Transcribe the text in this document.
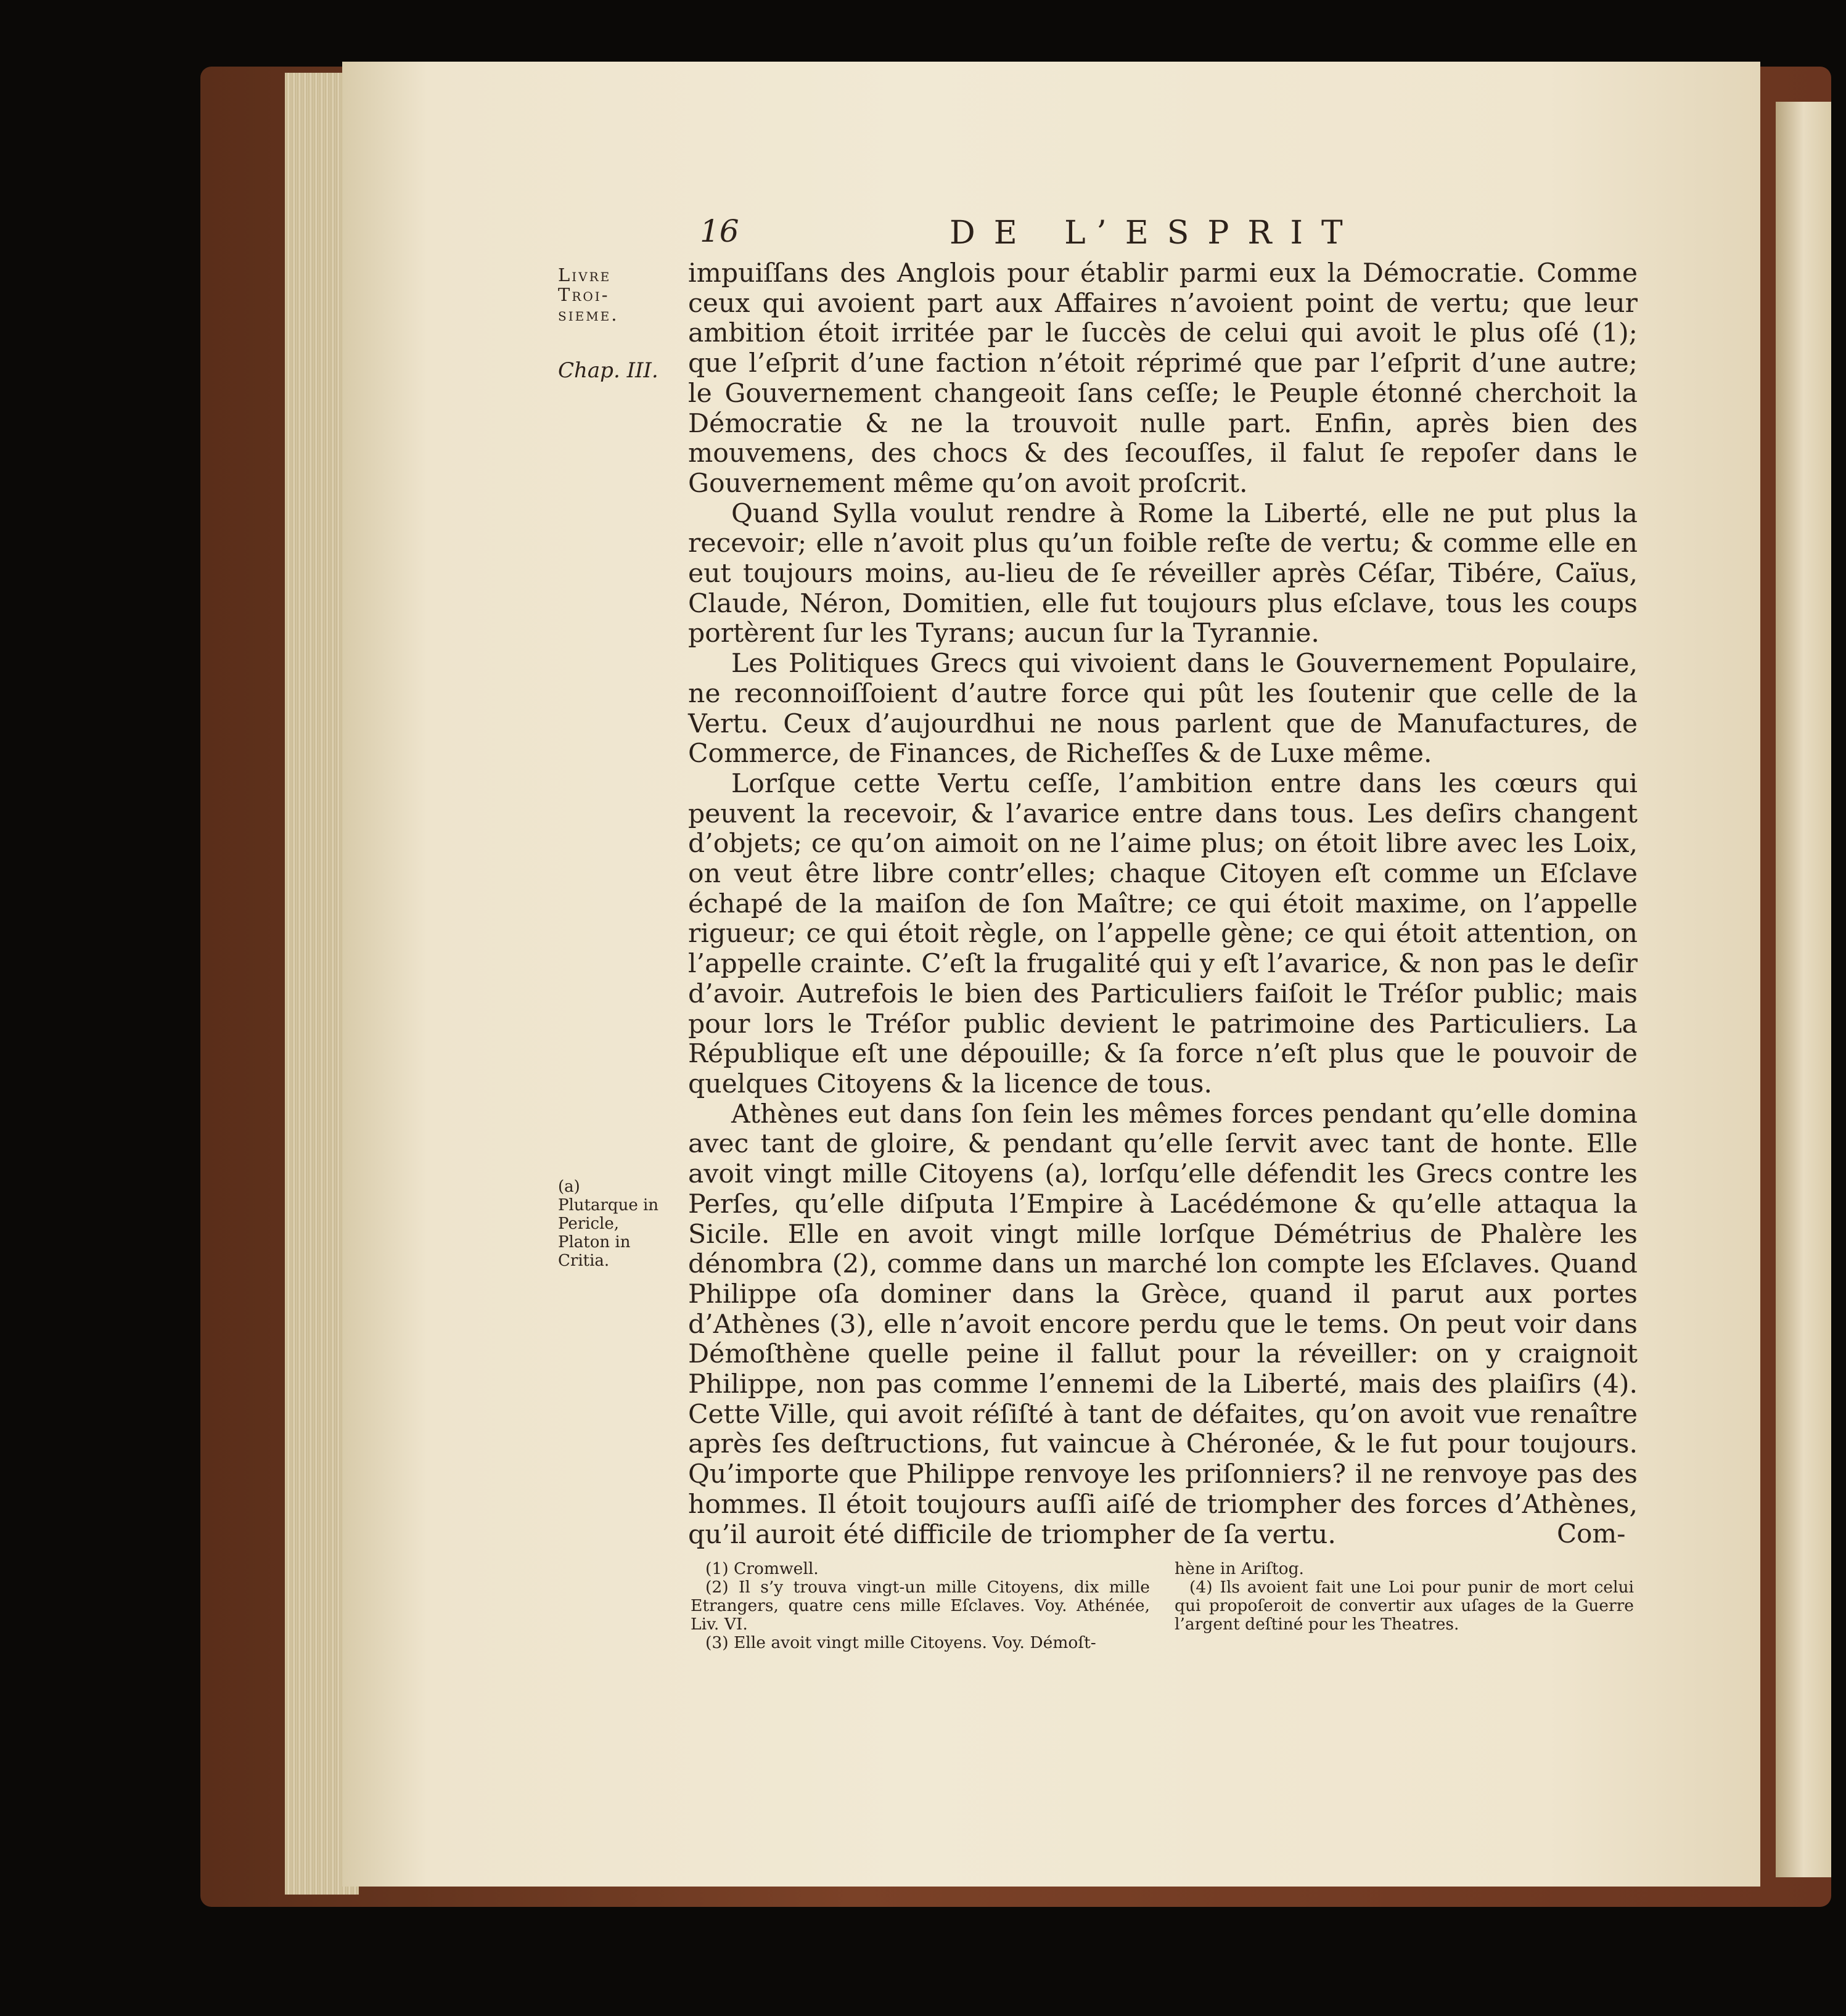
16	DE L’ESPRIT
Livre Troi- sieme.
Chap. III.
(a) Plutarque in Pericle, Platon in Critia.

impuiſſans des Anglois pour établir parmi eux la Démocratie. Comme ceux qui avoient part aux Affaires n’avoient point de vertu; que leur ambition étoit irritée par le ſuccès de celui qui avoit le plus oſé (1); que l’eſprit d’une faction n’étoit réprimé que par l’eſprit d’une autre; le Gouvernement changeoit ſans ceſſe; le Peuple étonné cherchoit la Démocratie & ne la trouvoit nulle part. Enfin, après bien des mouvemens, des chocs & des ſecouſſes, il falut ſe repoſer dans le Gouvernement même qu’on avoit proſcrit.

Quand Sylla voulut rendre à Rome la Liberté, elle ne put plus la recevoir; elle n’avoit plus qu’un foible reſte de vertu; & comme elle en eut toujours moins, au-lieu de ſe réveiller après Céſar, Tibére, Caïus, Claude, Néron, Domitien, elle fut toujours plus eſclave, tous les coups portèrent ſur les Tyrans; aucun ſur la Tyrannie.

Les Politiques Grecs qui vivoient dans le Gouvernement Populaire, ne reconnoiſſoient d’autre force qui pût les ſoutenir que celle de la Vertu. Ceux d’aujourdhui ne nous parlent que de Manufactures, de Commerce, de Finances, de Richeſſes & de Luxe même.

Lorſque cette Vertu ceſſe, l’ambition entre dans les cœurs qui peuvent la recevoir, & l’avarice entre dans tous. Les deſirs changent d’objets; ce qu’on aimoit on ne l’aime plus; on étoit libre avec les Loix, on veut être libre contr’elles; chaque Citoyen eſt comme un Eſclave échapé de la maiſon de ſon Maître; ce qui étoit maxime, on l’appelle rigueur; ce qui étoit règle, on l’appelle gène; ce qui étoit attention, on l’appelle crainte. C’eſt la frugalité qui y eſt l’avarice, & non pas le deſir d’avoir. Autrefois le bien des Particuliers faiſoit le Tréſor public; mais pour lors le Tréſor public devient le patrimoine des Particuliers. La République eſt une dépouille; & ſa force n’eſt plus que le pouvoir de quelques Citoyens & la licence de tous.

Athènes eut dans ſon ſein les mêmes forces pendant qu’elle domina avec tant de gloire, & pendant qu’elle ſervit avec tant de honte. Elle avoit vingt mille Citoyens (a), lorſqu’elle défendit les Grecs contre les Perſes, qu’elle diſputa l’Empire à Lacédémone & qu’elle attaqua la Sicile. Elle en avoit vingt mille lorſque Démétrius de Phalère les dénombra (2), comme dans un marché lon compte les Eſclaves. Quand Philippe oſa dominer dans la Grèce, quand il parut aux portes d’Athènes (3), elle n’avoit encore perdu que le tems. On peut voir dans Démoſthène quelle peine il fallut pour la réveiller: on y craignoit Philippe, non pas comme l’ennemi de la Liberté, mais des plaiſirs (4). Cette Ville, qui avoit réſiſté à tant de défaites, qu’on avoit vue renaître après ſes deſtructions, fut vaincue à Chéronée, & le fut pour toujours. Qu’importe que Philippe renvoye les priſonniers? il ne renvoye pas des hommes. Il étoit toujours auſſi aiſé de triompher des forces d’Athènes, qu’il auroit été difficile de triompher de ſa vertu.	Com-

(1) Cromwell.

(2) Il s’y trouva vingt-un mille Citoyens, dix mille Etrangers, quatre cens mille Eſclaves. Voy. Athénée, Liv. VI.

(3) Elle avoit vingt mille Citoyens. Voy. Démoſt-

hène in Ariſtog.

(4) Ils avoient fait une Loi pour punir de mort celui qui propoſeroit de convertir aux uſages de la Guerre l’argent deſtiné pour les Theatres.
